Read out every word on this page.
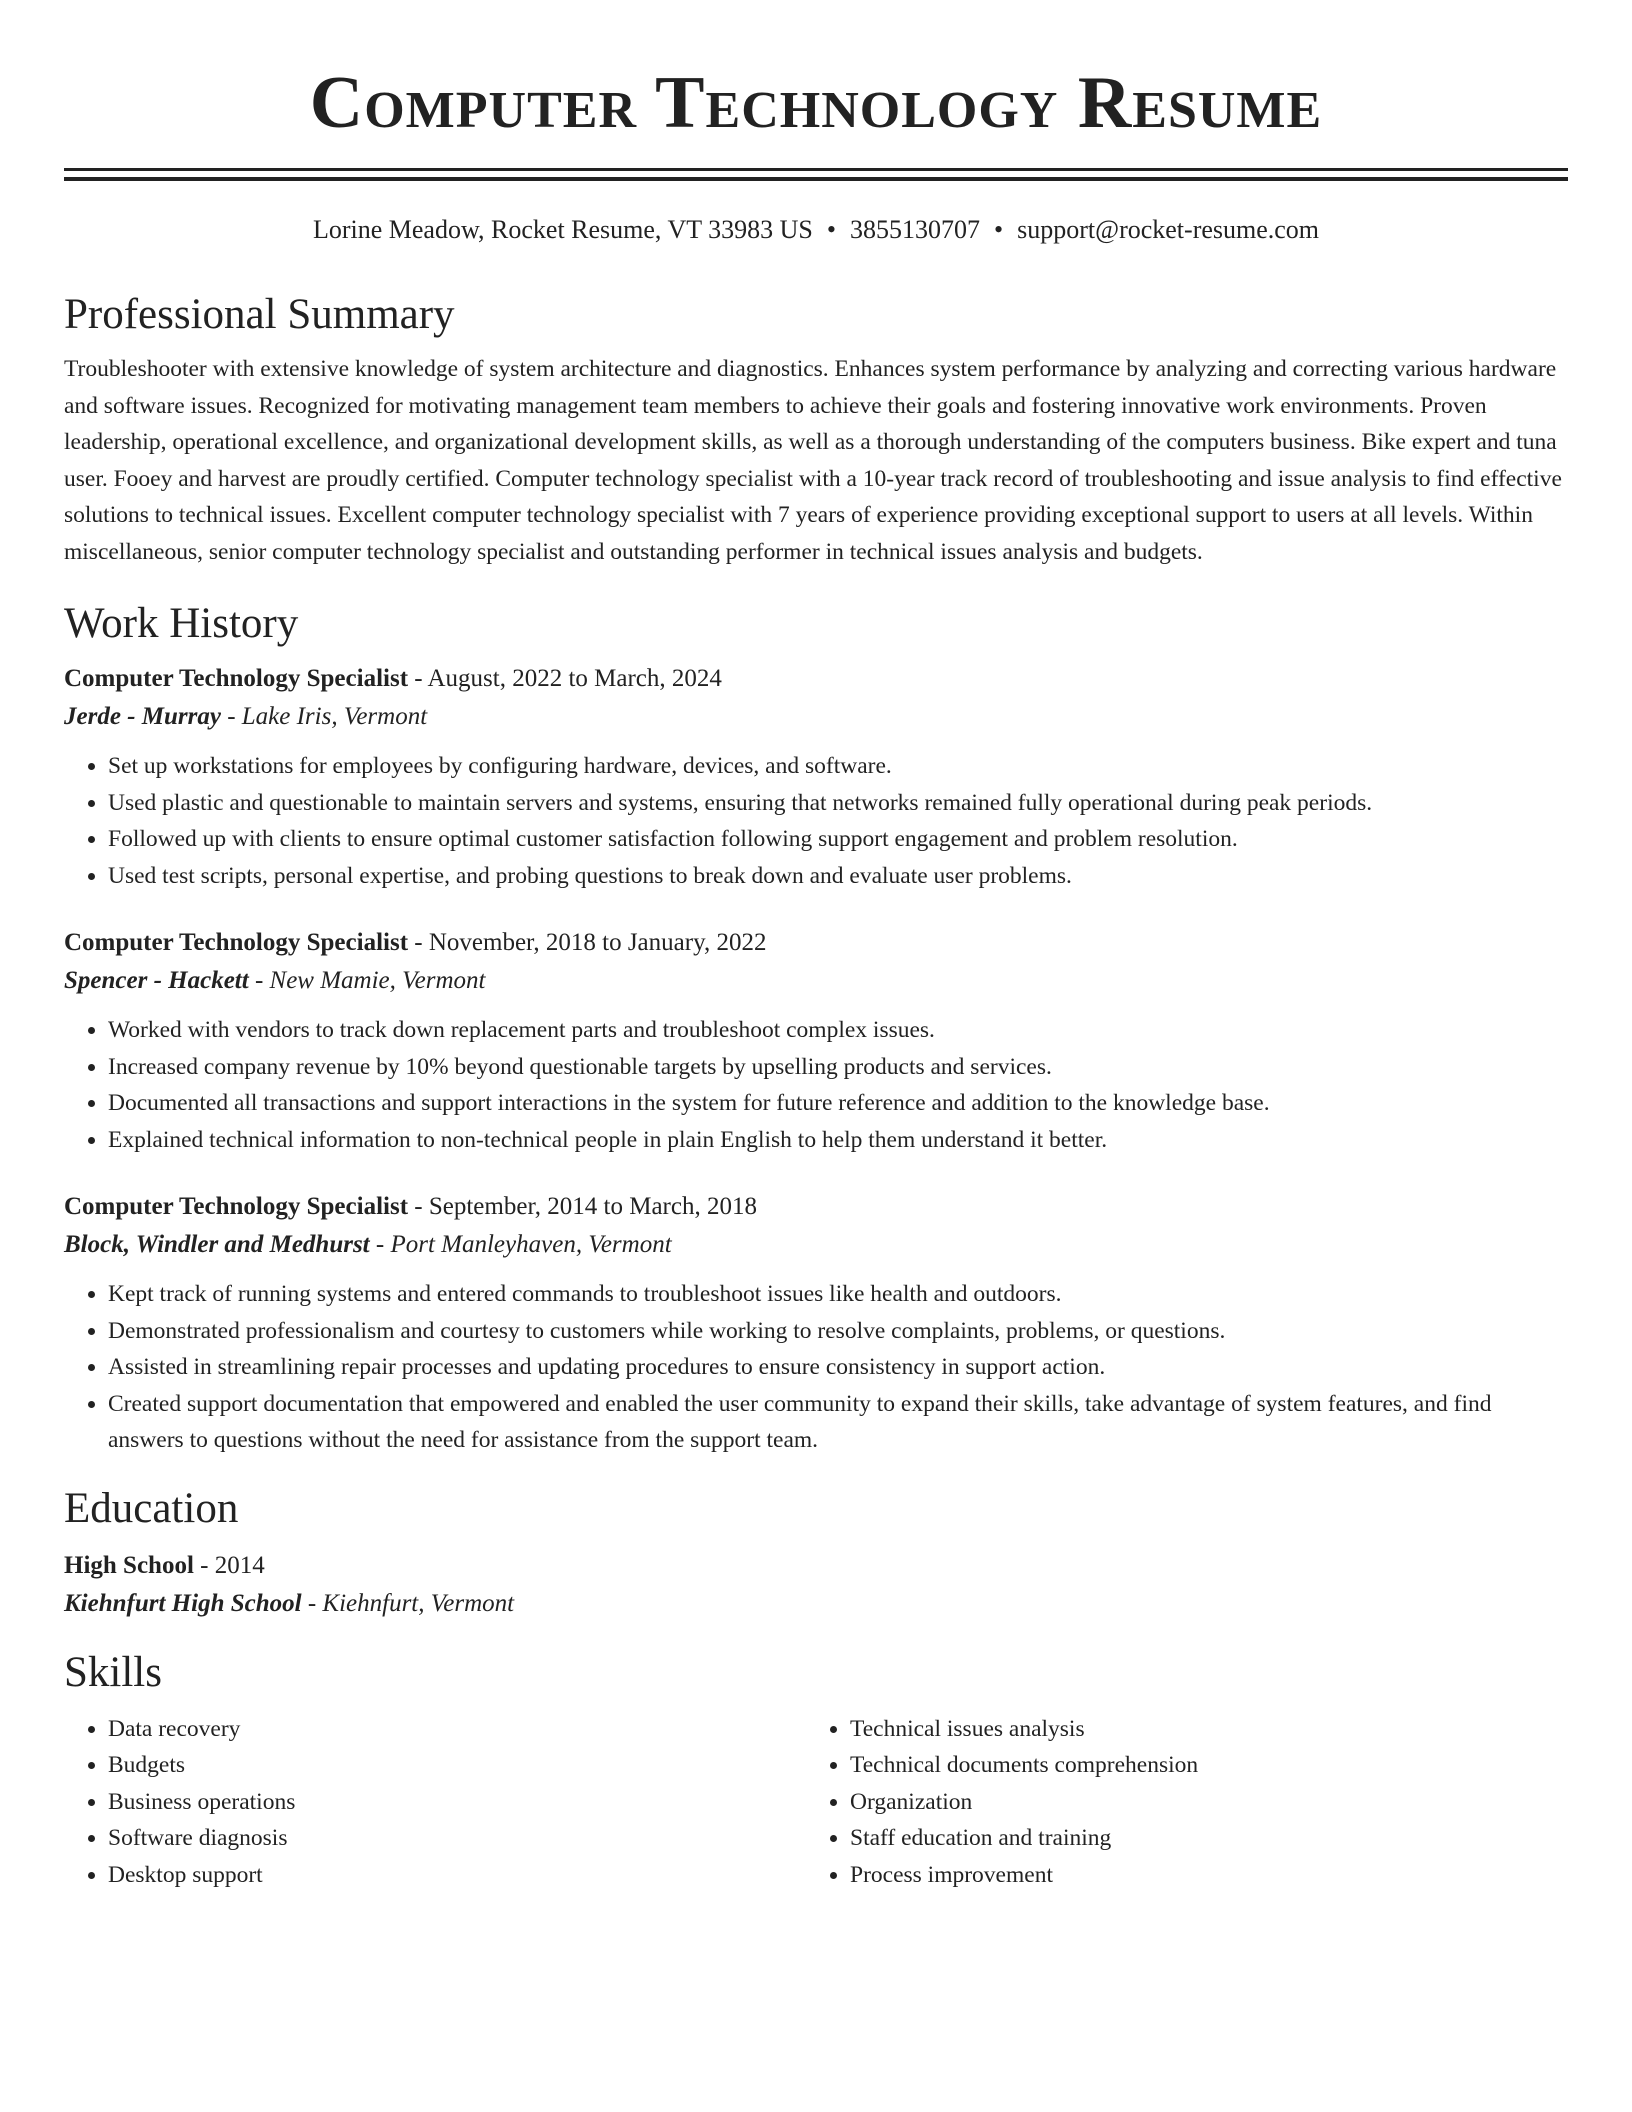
Computer Technology Resume
Lorine Meadow, Rocket Resume, VT 33983 US • 3855130707 • support@rocket-resume.com
Professional Summary

Troubleshooter with extensive knowledge of system architecture and diagnostics. Enhances system performance by analyzing and correcting various hardware and software issues. Recognized for motivating management team members to achieve their goals and fostering innovative work environments. Proven leadership, operational excellence, and organizational development skills, as well as a thorough understanding of the computers business. Bike expert and tuna user. Fooey and harvest are proudly certified. Computer technology specialist with a 10-year track record of troubleshooting and issue analysis to find effective solutions to technical issues. Excellent computer technology specialist with 7 years of experience providing exceptional support to users at all levels. Within miscellaneous, senior computer technology specialist and outstanding performer in technical issues analysis and budgets.

Work History
Computer Technology Specialist - August, 2022 to March, 2024
Jerde - Murray - Lake Iris, Vermont
• Set up workstations for employees by configuring hardware, devices, and software.
• Used plastic and questionable to maintain servers and systems, ensuring that networks remained fully operational during peak periods.
• Followed up with clients to ensure optimal customer satisfaction following support engagement and problem resolution.
• Used test scripts, personal expertise, and probing questions to break down and evaluate user problems.
Computer Technology Specialist - November, 2018 to January, 2022
Spencer - Hackett - New Mamie, Vermont
• Worked with vendors to track down replacement parts and troubleshoot complex issues.
• Increased company revenue by 10% beyond questionable targets by upselling products and services.
• Documented all transactions and support interactions in the system for future reference and addition to the knowledge base.
• Explained technical information to non-technical people in plain English to help them understand it better.
Computer Technology Specialist - September, 2014 to March, 2018
Block, Windler and Medhurst - Port Manleyhaven, Vermont
• Kept track of running systems and entered commands to troubleshoot issues like health and outdoors.
• Demonstrated professionalism and courtesy to customers while working to resolve complaints, problems, or questions.
• Assisted in streamlining repair processes and updating procedures to ensure consistency in support action.
• Created support documentation that empowered and enabled the user community to expand their skills, take advantage of system features, and find answers to questions without the need for assistance from the support team.
Education
High School - 2014
Kiehnfurt High School - Kiehnfurt, Vermont
Skills
• Data recovery
• Budgets
• Business operations
• Software diagnosis
• Desktop support
• Technical issues analysis
• Technical documents comprehension
• Organization
• Staff education and training
• Process improvement
